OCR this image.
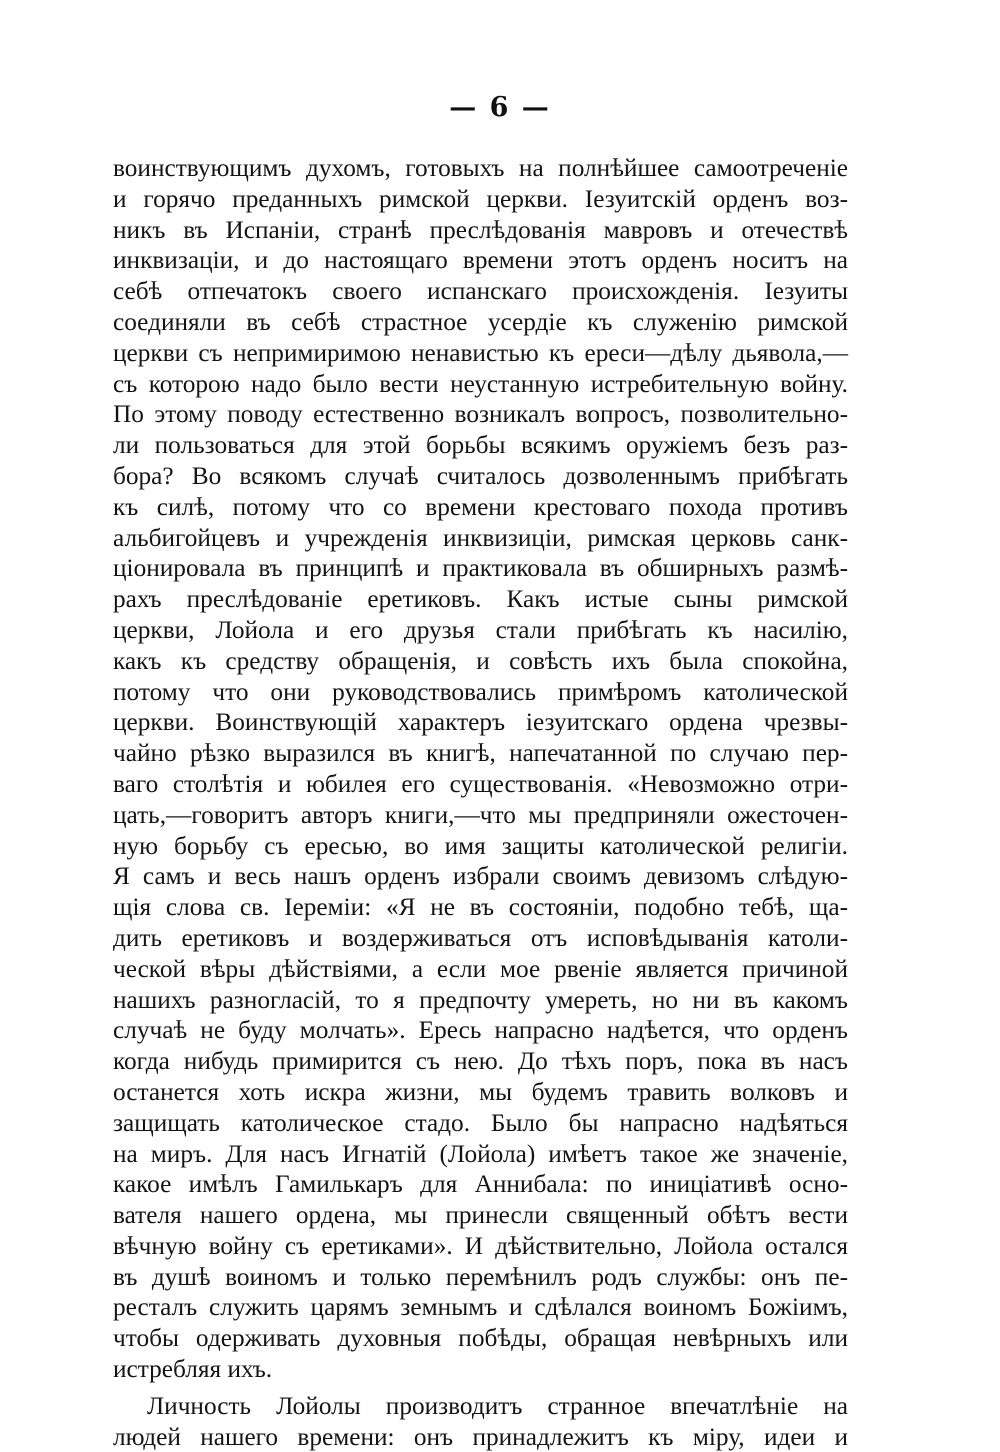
— 6 —
воинствующимъ духомъ, готовыхъ на полнѣйшее самоотреченіе
и горячо преданныхъ римской церкви. Іезуитскій орденъ воз-
никъ въ Испаніи, странѣ преслѣдованія мавровъ и отечествѣ
инквизаціи, и до настоящаго времени этотъ орденъ носитъ на
себѣ отпечатокъ своего испанскаго происхожденія. Іезуиты
соединяли въ себѣ страстное усердіе къ служенію римской
церкви съ непримиримою ненавистью къ ереси—дѣлу дьявола,—
съ которою надо было вести неустанную истребительную войну.
По этому поводу естественно возникалъ вопросъ, позволительно-
ли пользоваться для этой борьбы всякимъ оружіемъ безъ раз-
бора? Во всякомъ случаѣ считалось дозволеннымъ прибѣгать
къ силѣ, потому что со времени крестоваго похода противъ
альбигойцевъ и учрежденія инквизиціи, римская церковь санк-
ціонировала въ принципѣ и практиковала въ обширныхъ размѣ-
рахъ преслѣдованіе еретиковъ. Какъ истые сыны римской
церкви, Лойола и его друзья стали прибѣгать къ насилію,
какъ къ средству обращенія, и совѣсть ихъ была спокойна,
потому что они руководствовались примѣромъ католической
церкви. Воинствующій характеръ іезуитскаго ордена чрезвы-
чайно рѣзко выразился въ книгѣ, напечатанной по случаю пер-
ваго столѣтія и юбилея его существованія. «Невозможно отри-
цать,—говоритъ авторъ книги,—что мы предприняли ожесточен-
ную борьбу съ ересью, во имя защиты католической религіи.
Я самъ и весь нашъ орденъ избрали своимъ девизомъ слѣдую-
щія слова св. Іереміи: «Я не въ состояніи, подобно тебѣ, ща-
дить еретиковъ и воздерживаться отъ исповѣдыванія католи-
ческой вѣры дѣйствіями, а если мое рвеніе является причиной
нашихъ разногласій, то я предпочту умереть, но ни въ какомъ
случаѣ не буду молчать». Ересь напрасно надѣется, что орденъ
когда нибудь примирится съ нею. До тѣхъ поръ, пока въ насъ
останется хоть искра жизни, мы будемъ травить волковъ и
защищать католическое стадо. Было бы напрасно надѣяться
на миръ. Для насъ Игнатій (Лойола) имѣетъ такое же значеніе,
какое имѣлъ Гамилькаръ для Аннибала: по иниціативѣ осно-
вателя нашего ордена, мы принесли священный обѣтъ вести
вѣчную войну съ еретиками». И дѣйствительно, Лойола остался
въ душѣ воиномъ и только перемѣнилъ родъ службы: онъ пе-
ресталъ служить царямъ земнымъ и сдѣлался воиномъ Божіимъ,
чтобы одерживать духовныя побѣды, обращая невѣрныхъ или
истребляя ихъ.
Личность Лойолы производитъ странное впечатлѣніе на
людей нашего времени: онъ принадлежитъ къ міру, идеи и
